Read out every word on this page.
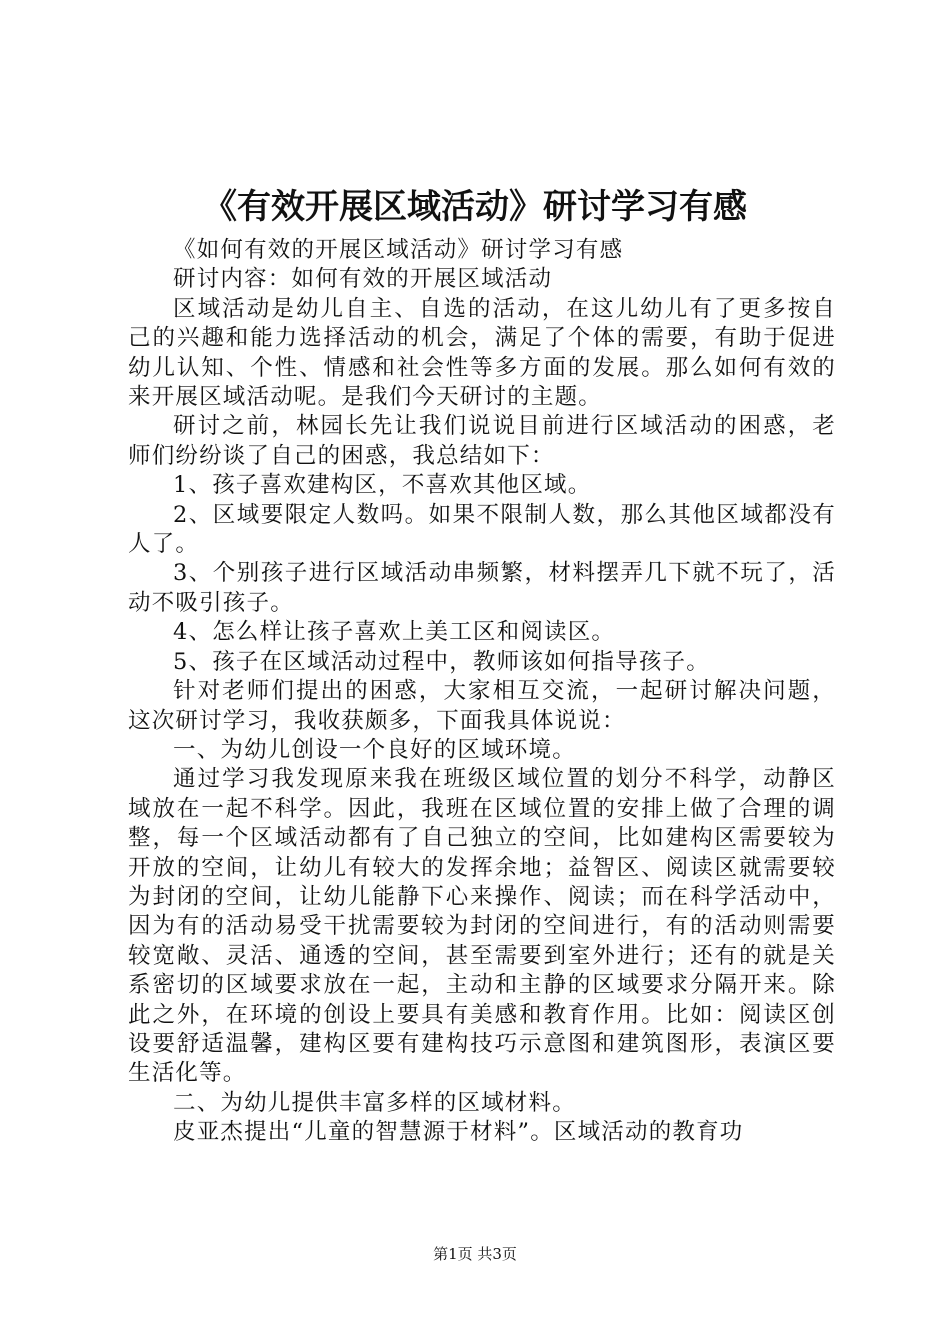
《有效开展区域活动》研讨学习有感

《如何有效的开展区域活动》研讨学习有感

研讨内容：如何有效的开展区域活动

区域活动是幼儿自主、自选的活动，在这儿幼儿有了更多按自己的兴趣和能力选择活动的机会，满足了个体的需要，有助于促进幼儿认知、个性、情感和社会性等多方面的发展。那么如何有效的来开展区域活动呢。是我们今天研讨的主题。

研讨之前，林园长先让我们说说目前进行区域活动的困惑，老师们纷纷谈了自己的困惑，我总结如下：

1、孩子喜欢建构区，不喜欢其他区域。

2、区域要限定人数吗。如果不限制人数，那么其他区域都没有人了。

3、个别孩子进行区域活动串频繁，材料摆弄几下就不玩了，活动不吸引孩子。

4、怎么样让孩子喜欢上美工区和阅读区。

5、孩子在区域活动过程中，教师该如何指导孩子。

针对老师们提出的困惑，大家相互交流，一起研讨解决问题，这次研讨学习，我收获颇多，下面我具体说说：

一、为幼儿创设一个良好的区域环境。

通过学习我发现原来我在班级区域位置的划分不科学，动静区域放在一起不科学。因此，我班在区域位置的安排上做了合理的调整，每一个区域活动都有了自己独立的空间，比如建构区需要较为开放的空间，让幼儿有较大的发挥余地；益智区、阅读区就需要较为封闭的空间，让幼儿能静下心来操作、阅读；而在科学活动中，因为有的活动易受干扰需要较为封闭的空间进行，有的活动则需要较宽敞、灵活、通透的空间，甚至需要到室外进行；还有的就是关系密切的区域要求放在一起，主动和主静的区域要求分隔开来。除此之外，在环境的创设上要具有美感和教育作用。比如：阅读区创设要舒适温馨，建构区要有建构技巧示意图和建筑图形，表演区要生活化等。

二、为幼儿提供丰富多样的区域材料。

皮亚杰提出“儿童的智慧源于材料”。区域活动的教育功

第1页 共3页
